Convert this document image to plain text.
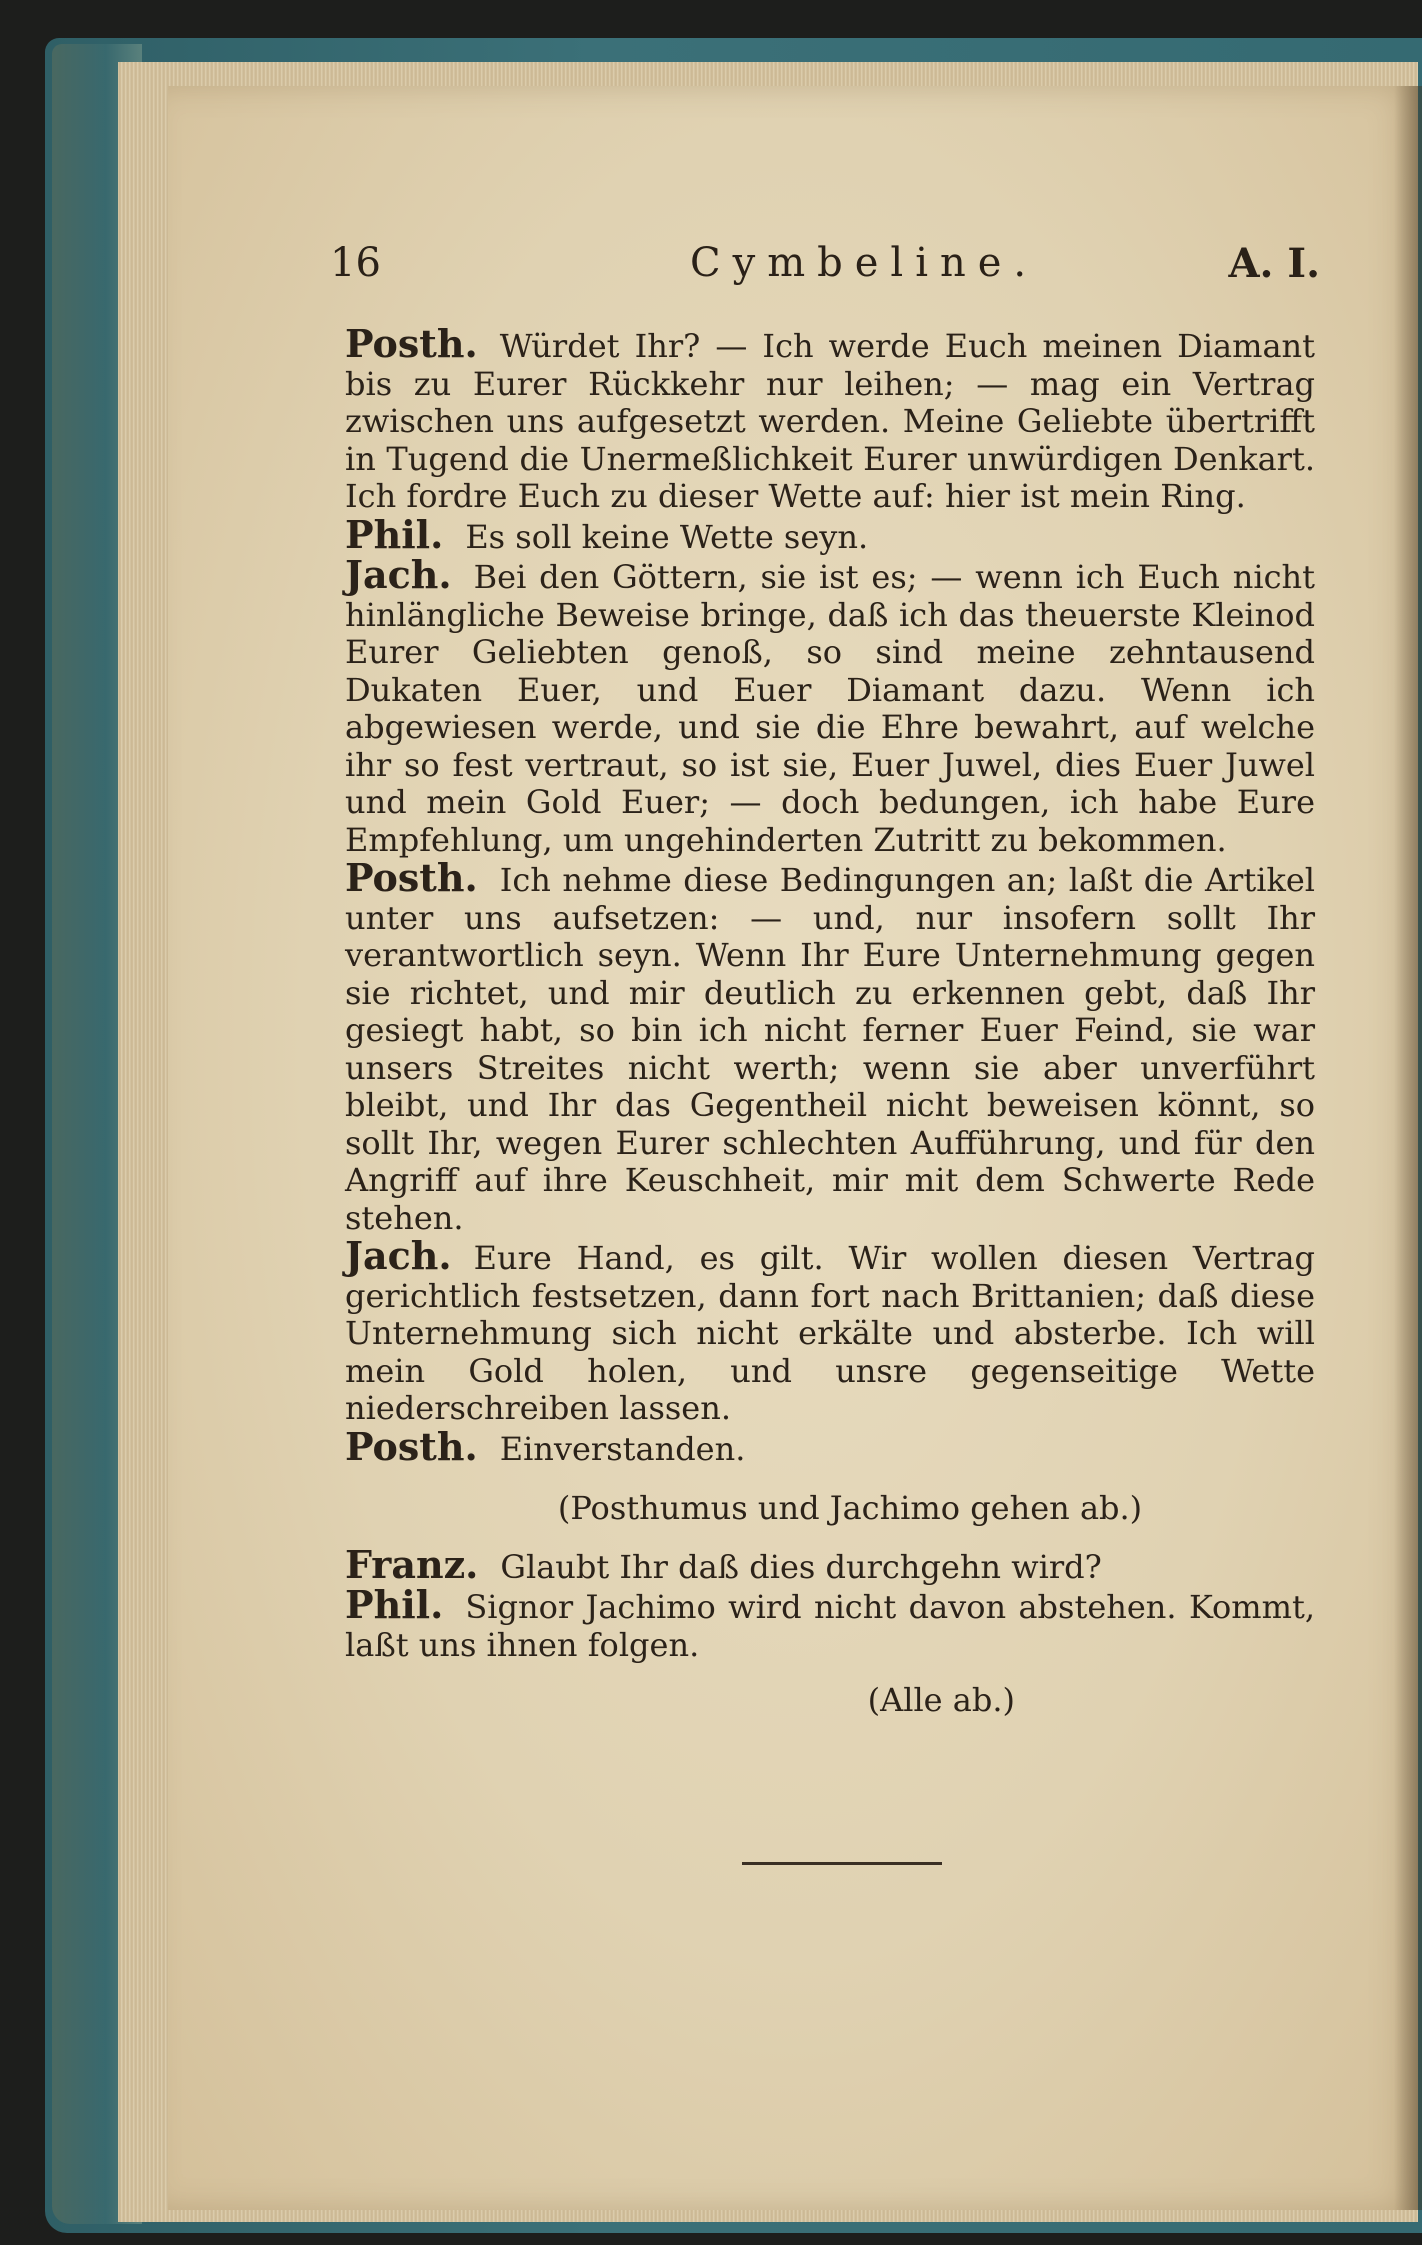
16	Cymbeline.	A. I.

Posth. Würdet Ihr? — Ich werde Euch meinen Diamant bis zu Eurer Rückkehr nur leihen; — mag ein Vertrag zwischen uns aufgesetzt werden. Meine Geliebte übertrifft in Tugend die Unermeßlichkeit Eurer unwürdigen Denkart. Ich fordre Euch zu dieser Wette auf: hier ist mein Ring.

Phil. Es soll keine Wette seyn.

Jach. Bei den Göttern, sie ist es; — wenn ich Euch nicht hinlängliche Beweise bringe, daß ich das theuerste Kleinod Eurer Geliebten genoß, so sind meine zehntausend Dukaten Euer, und Euer Diamant dazu. Wenn ich abgewiesen werde, und sie die Ehre bewahrt, auf welche ihr so fest vertraut, so ist sie, Euer Juwel, dies Euer Juwel und mein Gold Euer; — doch bedungen, ich habe Eure Empfehlung, um ungehinderten Zutritt zu bekommen.

Posth. Ich nehme diese Bedingungen an; laßt die Artikel unter uns aufsetzen: — und, nur insofern sollt Ihr verantwortlich seyn. Wenn Ihr Eure Unternehmung gegen sie richtet, und mir deutlich zu erkennen gebt, daß Ihr gesiegt habt, so bin ich nicht ferner Euer Feind, sie war unsers Streites nicht werth; wenn sie aber unverführt bleibt, und Ihr das Gegentheil nicht beweisen könnt, so sollt Ihr, wegen Eurer schlechten Aufführung, und für den Angriff auf ihre Keuschheit, mir mit dem Schwerte Rede stehen.

Jach. Eure Hand, es gilt. Wir wollen diesen Vertrag gerichtlich festsetzen, dann fort nach Brittanien; daß diese Unternehmung sich nicht erkälte und absterbe. Ich will mein Gold holen, und unsre gegenseitige Wette niederschreiben lassen.

Posth. Einverstanden.

(Posthumus und Jachimo gehen ab.)

Franz. Glaubt Ihr daß dies durchgehn wird?

Phil. Signor Jachimo wird nicht davon abstehen. Kommt, laßt uns ihnen folgen.

(Alle ab.)
